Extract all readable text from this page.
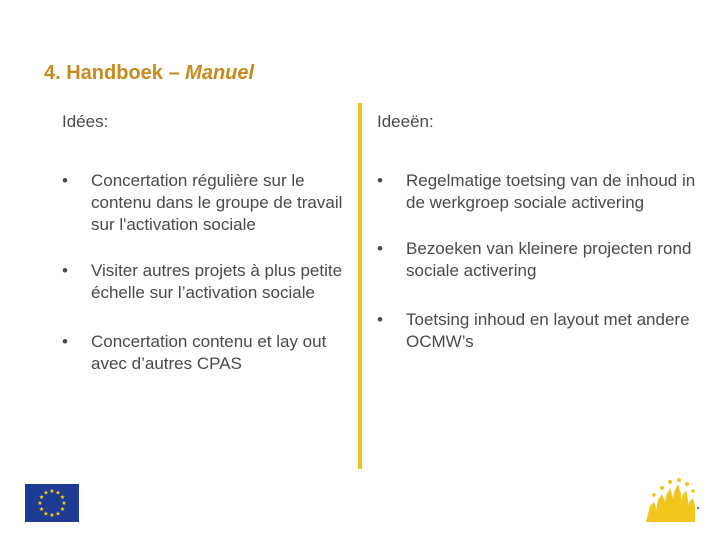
4. Handboek – Manuel
Idées:
• Concertation régulière sur le contenu dans le groupe de travail sur l'activation sociale
• Visiter autres projets à plus petite échelle sur l’activation sociale
• Concertation contenu et lay out avec d’autres CPAS
Ideeën:
• Regelmatige toetsing van de inhoud in de werkgroep sociale activering
• Bezoeken van kleinere projecten rond sociale activering
• Toetsing inhoud en layout met andere OCMW’s
★ ★
★
★
★
★
★
★
★
★
★
★
